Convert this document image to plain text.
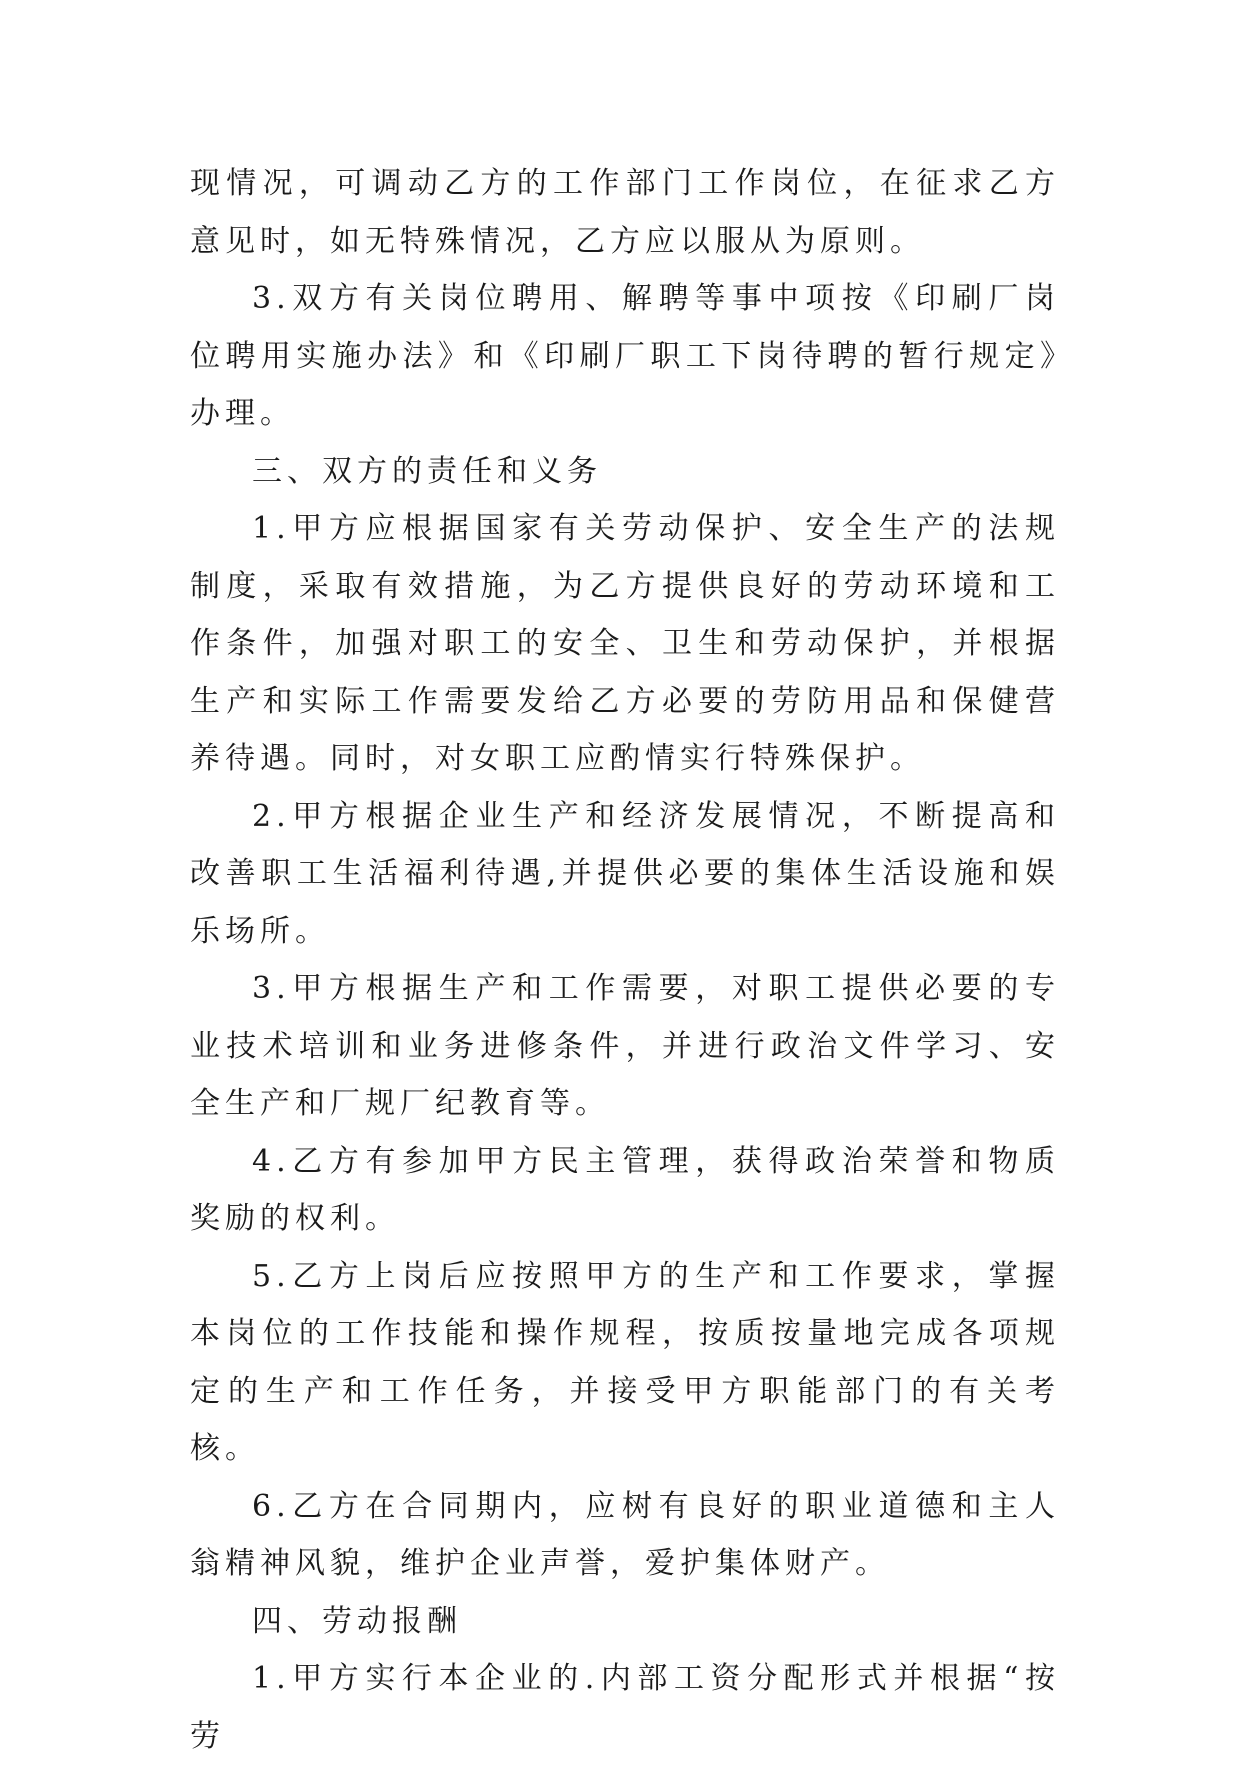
现情况，可调动乙方的工作部门工作岗位，在征求乙方意见时，如无特殊情况，乙方应以服从为原则。

3.双方有关岗位聘用、解聘等事中项按《印刷厂岗位聘用实施办法》和《印刷厂职工下岗待聘的暂行规定》办理。

三、双方的责任和义务

1.甲方应根据国家有关劳动保护、安全生产的法规制度，采取有效措施，为乙方提供良好的劳动环境和工作条件，加强对职工的安全、卫生和劳动保护，并根据生产和实际工作需要发给乙方必要的劳防用品和保健营养待遇。同时，对女职工应酌情实行特殊保护。

2.甲方根据企业生产和经济发展情况，不断提高和改善职工生活福利待遇,并提供必要的集体生活设施和娱乐场所。

3.甲方根据生产和工作需要，对职工提供必要的专业技术培训和业务进修条件，并进行政治文件学习、安全生产和厂规厂纪教育等。

4.乙方有参加甲方民主管理，获得政治荣誉和物质奖励的权利。

5.乙方上岗后应按照甲方的生产和工作要求，掌握本岗位的工作技能和操作规程，按质按量地完成各项规定的生产和工作任务，并接受甲方职能部门的有关考核。

6.乙方在合同期内，应树有良好的职业道德和主人翁精神风貌，维护企业声誉，爱护集体财产。

四、劳动报酬

1.甲方实行本企业的.内部工资分配形式并根据“按劳
